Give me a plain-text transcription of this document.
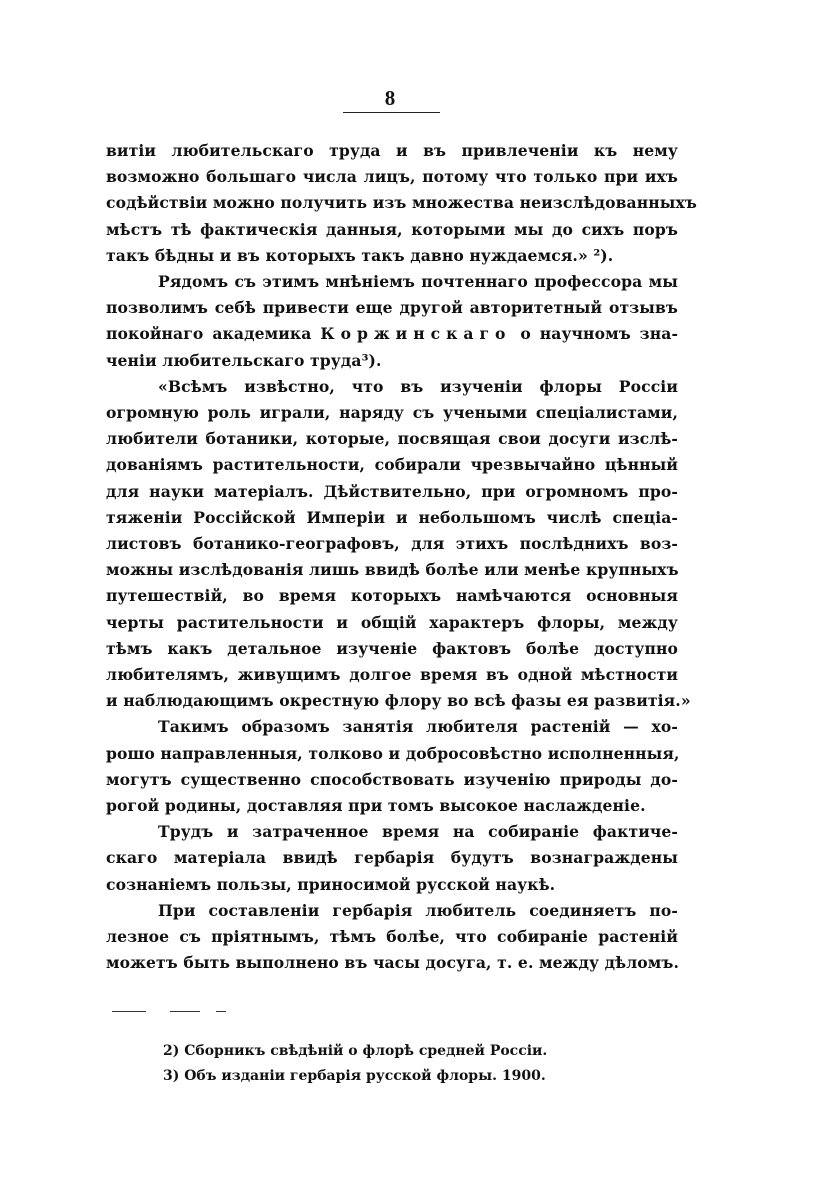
8
витіи любительскаго труда и въ привлеченіи къ нему
возможно большаго числа лицъ, потому что только при ихъ
содѣйствіи можно получить изъ множества неизслѣдованныхъ
мѣстъ тѣ фактическія данныя, которыми мы до сихъ поръ
такъ бѣдны и въ которыхъ такъ давно нуждаемся.» ²).
Рядомъ съ этимъ мнѣніемъ почтеннаго профессора мы
позволимъ себѣ привести еще другой авторитетный отзывъ
покойнаго академика Коржинскаго о научномъ зна-
ченіи любительскаго труда³).
«Всѣмъ извѣстно, что въ изученіи флоры Россіи
огромную роль играли, наряду съ учеными спеціалистами,
любители ботаники, которые, посвящая свои досуги изслѣ-
дованіямъ растительности, собирали чрезвычайно цѣнный
для науки матеріалъ. Дѣйствительно, при огромномъ про-
тяженіи Россійской Имперіи и небольшомъ числѣ спеціа-
листовъ ботанико-географовъ, для этихъ послѣднихъ воз-
можны изслѣдованія лишь ввидѣ болѣе или менѣе крупныхъ
путешествій, во время которыхъ намѣчаются основныя
черты растительности и общій характеръ флоры, между
тѣмъ какъ детальное изученіе фактовъ болѣе доступно
любителямъ, живущимъ долгое время въ одной мѣстности
и наблюдающимъ окрестную флору во всѣ фазы ея развитія.»
Такимъ образомъ занятія любителя растеній — хо-
рошо направленныя, толково и добросовѣстно исполненныя,
могутъ существенно способствовать изученію природы до-
рогой родины, доставляя при томъ высокое наслажденіе.
Трудъ и затраченное время на собираніе фактиче-
скаго матеріала ввидѣ гербарія будутъ вознаграждены
сознаніемъ пользы, приносимой русской наукѣ.
При составленіи гербарія любитель соединяетъ по-
лезное съ пріятнымъ, тѣмъ болѣе, что собираніе растеній
можетъ быть выполнено въ часы досуга, т. е. между дѣломъ.
2) Сборникъ свѣдѣній о флорѣ средней Россіи.
3) Объ изданіи гербарія русской флоры. 1900.
